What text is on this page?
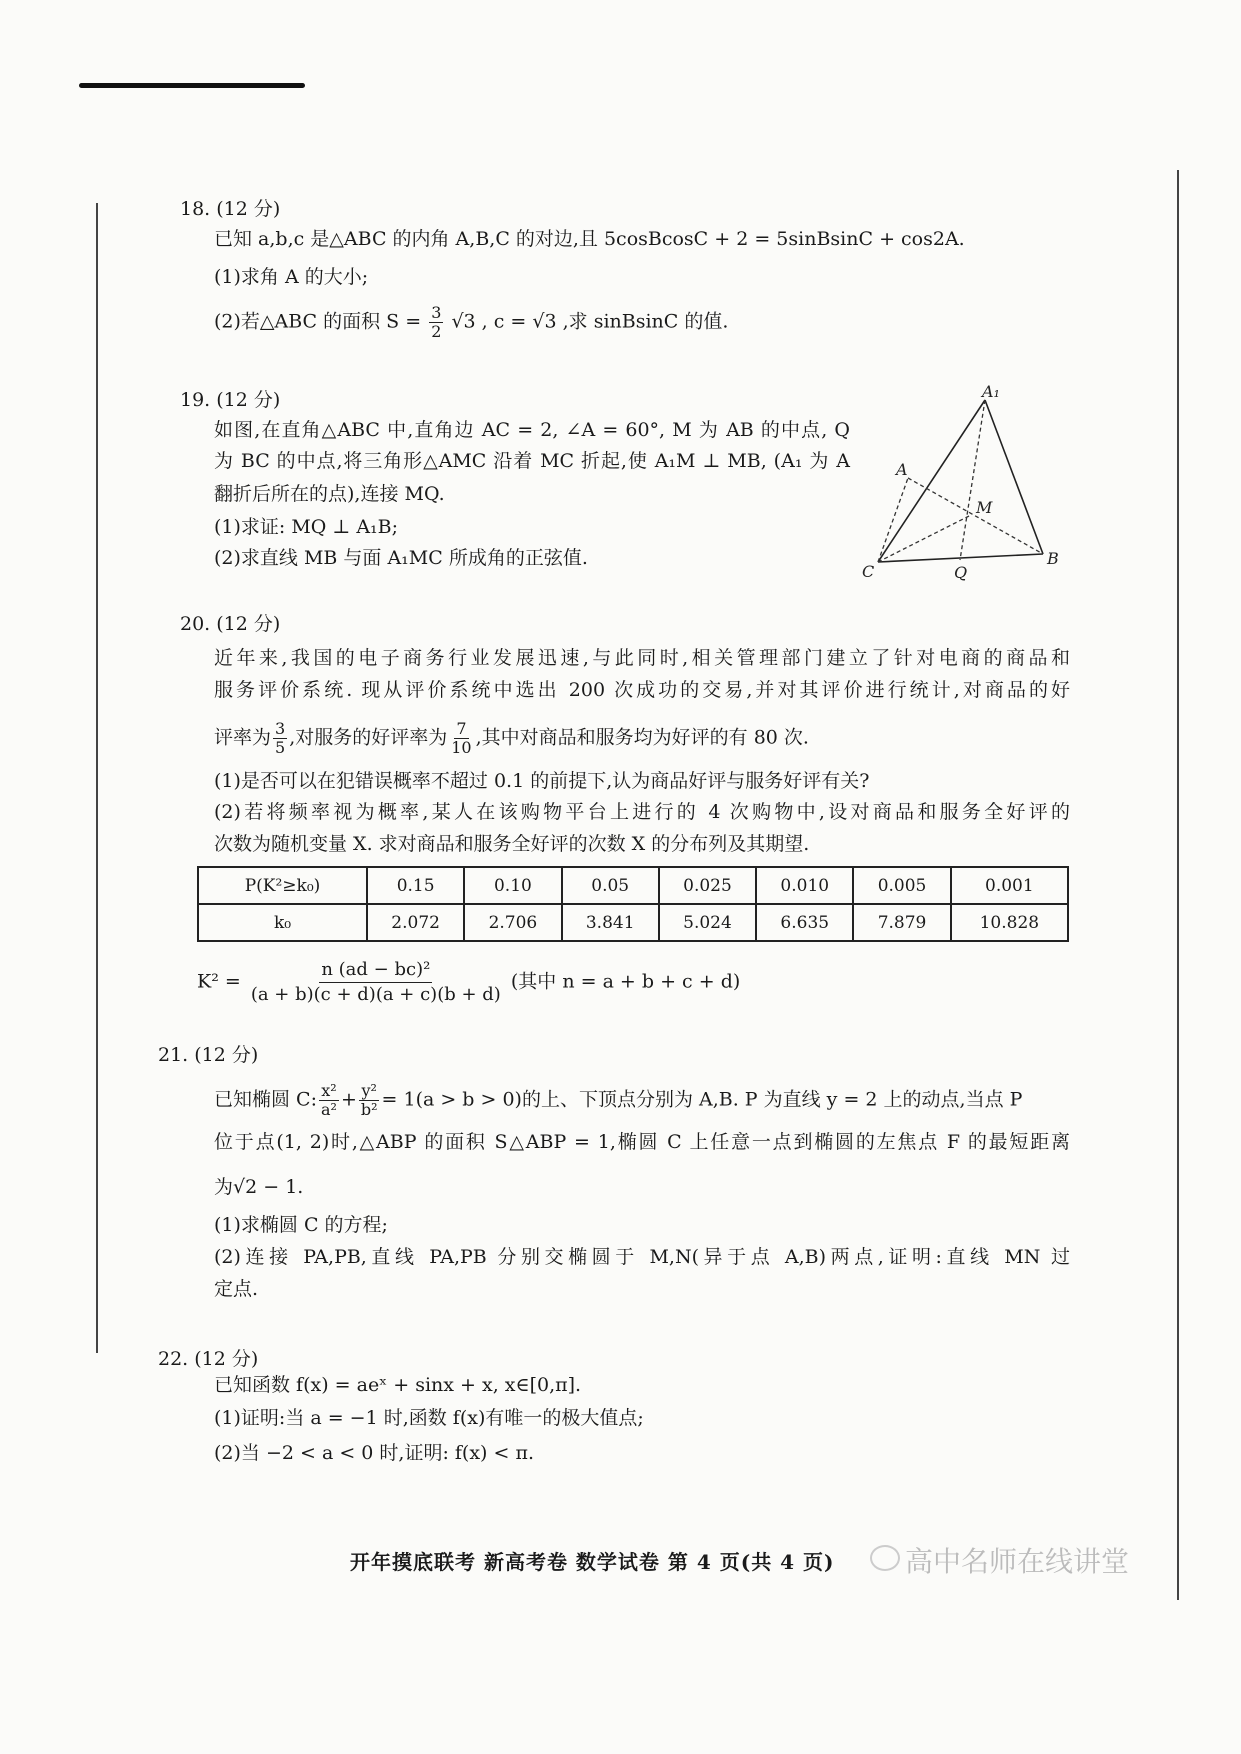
18. (12 分)
已知 a,b,c 是△ABC 的内角 A,B,C 的对边,且 5cosBcosC + 2 = 5sinBsinC + cos2A.
(1)求角 A 的大小;
(2)若△ABC 的面积 $S = \frac{3}{2} √3$ , c = √3 ,求 sinBsinC 的值.
19. (12 分)
如图,在直角△ABC 中,直角边 AC = 2, ∠A = 60°, M 为 AB 的中点, Q
为 BC 的中点,将三角形△AMC 沿着 MC 折起,使 A₁M ⊥ MB, (A₁ 为 A
翻折后所在的点),连接 MQ.
(1)求证: MQ ⊥ A₁B;
(2)求直线 MB 与面 A₁MC 所成角的正弦值.
A₁
A
M
C	Q
B
20. (12 分)
近年来,我国的电子商务行业发展迅速,与此同时,相关管理部门建立了针对电商的商品和
服务评价系统. 现从评价系统中选出 200 次成功的交易,并对其评价进行统计,对商品的好
评率为 $\frac{3}{5}$ ,对服务的好评率为 $\frac{7}{10}$ ,其中对商品和服务均为好评的有 80 次.
(1)是否可以在犯错误概率不超过 0.1 的前提下,认为商品好评与服务好评有关?
(2)若将频率视为概率,某人在该购物平台上进行的 4 次购物中,设对商品和服务全好评的
次数为随机变量 X. 求对商品和服务全好评的次数 X 的分布列及其期望.
P(K²≥k₀)	0.15	0.10	0.05	0.025	0.010	0.005	0.001
k₀	2.072	2.706	3.841	5.024	6.635	7.879	10.828
$K^2 = \frac{\text{n (ad − bc)²}}{(a + b)(c + d)(a + c)(b + d)}$ (其中 n = a + b + c + d)
21. (12 分)
已知椭圆 C: $\frac{\text{x²}}{\text{a²}} + \frac{\text{y²}}{\text{b²}} = 1(a > b > 0)$的上、下顶点分别为 A,B. P 为直线 y = 2 上的动点,当点 P
位于点(1, 2)时,△ABP 的面积 S△ABP = 1,椭圆 C 上任意一点到椭圆的左焦点 F 的最短距离
为√2 − 1.
(1)求椭圆 C 的方程;
(2)连接 PA,PB,直线 PA,PB 分别交椭圆于 M,N(异于点 A,B)两点,证明:直线 MN 过
定点.
22. (12 分)
已知函数 f(x) = aeˣ + sinx + x, x∈[0,π].
(1)证明:当 a = −1 时,函数 f(x)有唯一的极大值点;
(2)当 −2 < a < 0 时,证明: f(x) < π.
开年摸底联考 新高考卷 数学试卷 第 4 页(共 4 页)	高中名师在线讲堂
